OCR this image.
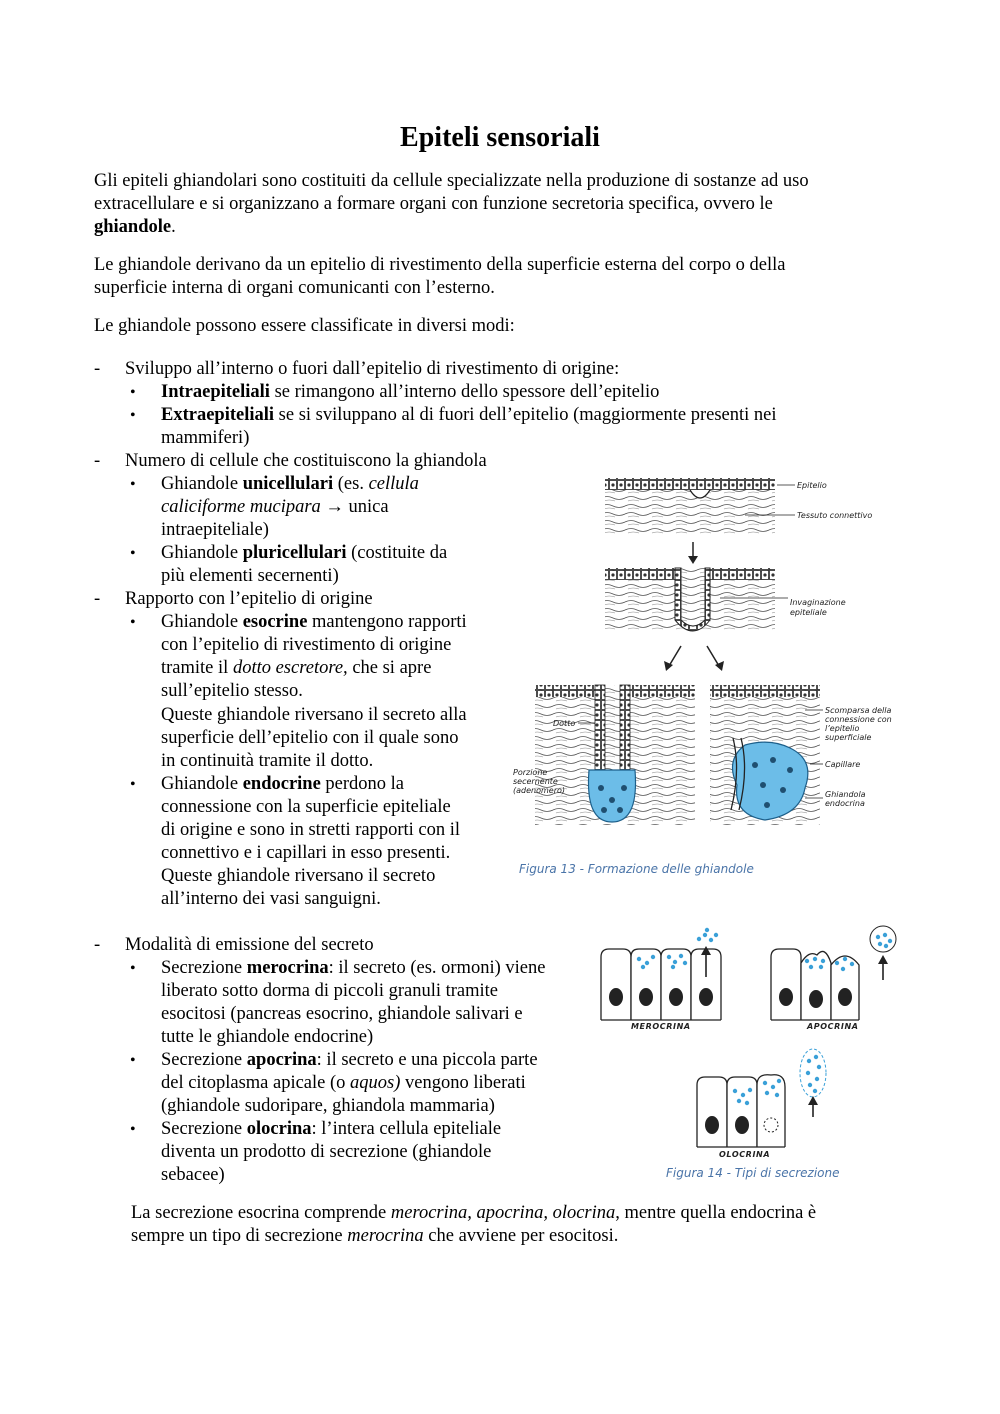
Epiteli sensoriali
Gli epiteli ghiandolari sono costituiti da cellule specializzate nella produzione di sostanze ad uso
extracellulare e si organizzano a formare organi con funzione secretoria specifica, ovvero le
ghiandole.
Le ghiandole derivano da un epitelio di rivestimento della superficie esterna del corpo o della
superficie interna di organi comunicanti con l’esterno.
Le ghiandole possono essere classificate in diversi modi:
- Sviluppo all’interno o fuori dall’epitelio di rivestimento di origine:
• Intraepiteliali se rimangono all’interno dello spessore dell’epitelio
• Extraepiteliali se si sviluppano al di fuori dell’epitelio (maggiormente presenti nei
mammiferi)
- Numero di cellule che costituiscono la ghiandola
• Ghiandole unicellulari (es. cellula
caliciforme mucipara → unica
intraepiteliale)
• Ghiandole pluricellulari (costituite da
più elementi secernenti)
- Rapporto con l’epitelio di origine
• Ghiandole esocrine mantengono rapporti
con l’epitelio di rivestimento di origine
tramite il dotto escretore, che si apre
sull’epitelio stesso.
Queste ghiandole riversano il secreto alla
superficie dell’epitelio con il quale sono
in continuità tramite il dotto.
• Ghiandole endocrine perdono la
connessione con la superficie epiteliale
di origine e sono in stretti rapporti con il
connettivo e i capillari in esso presenti.
Queste ghiandole riversano il secreto
all’interno dei vasi sanguigni.
- Modalità di emissione del secreto
• Secrezione merocrina: il secreto (es. ormoni) viene
liberato sotto dorma di piccoli granuli tramite
esocitosi (pancreas esocrino, ghiandole salivari e
tutte le ghiandole endocrine)
• Secrezione apocrina: il secreto e una piccola parte
del citoplasma apicale (o aquos) vengono liberati
(ghiandole sudoripare, ghiandola mammaria)
• Secrezione olocrina: l’intera cellula epiteliale
diventa un prodotto di secrezione (ghiandole
sebacee)
La secrezione esocrina comprende merocrina, apocrina, olocrina, mentre quella endocrina è
sempre un tipo di secrezione merocrina che avviene per esocitosi.
Epitelio
Tessuto connettivo
Invaginazione
epiteliale
Dotto
Porzione
secernente
(adenomero)
Scomparsa della
connessione con
l’epitelio
superficiale
Capillare
Ghiandola
endocrina
Figura 13 - Formazione delle ghiandole
MEROCRINA	APOCRINA
OLOCRINA
Figura 14 - Tipi di secrezione
